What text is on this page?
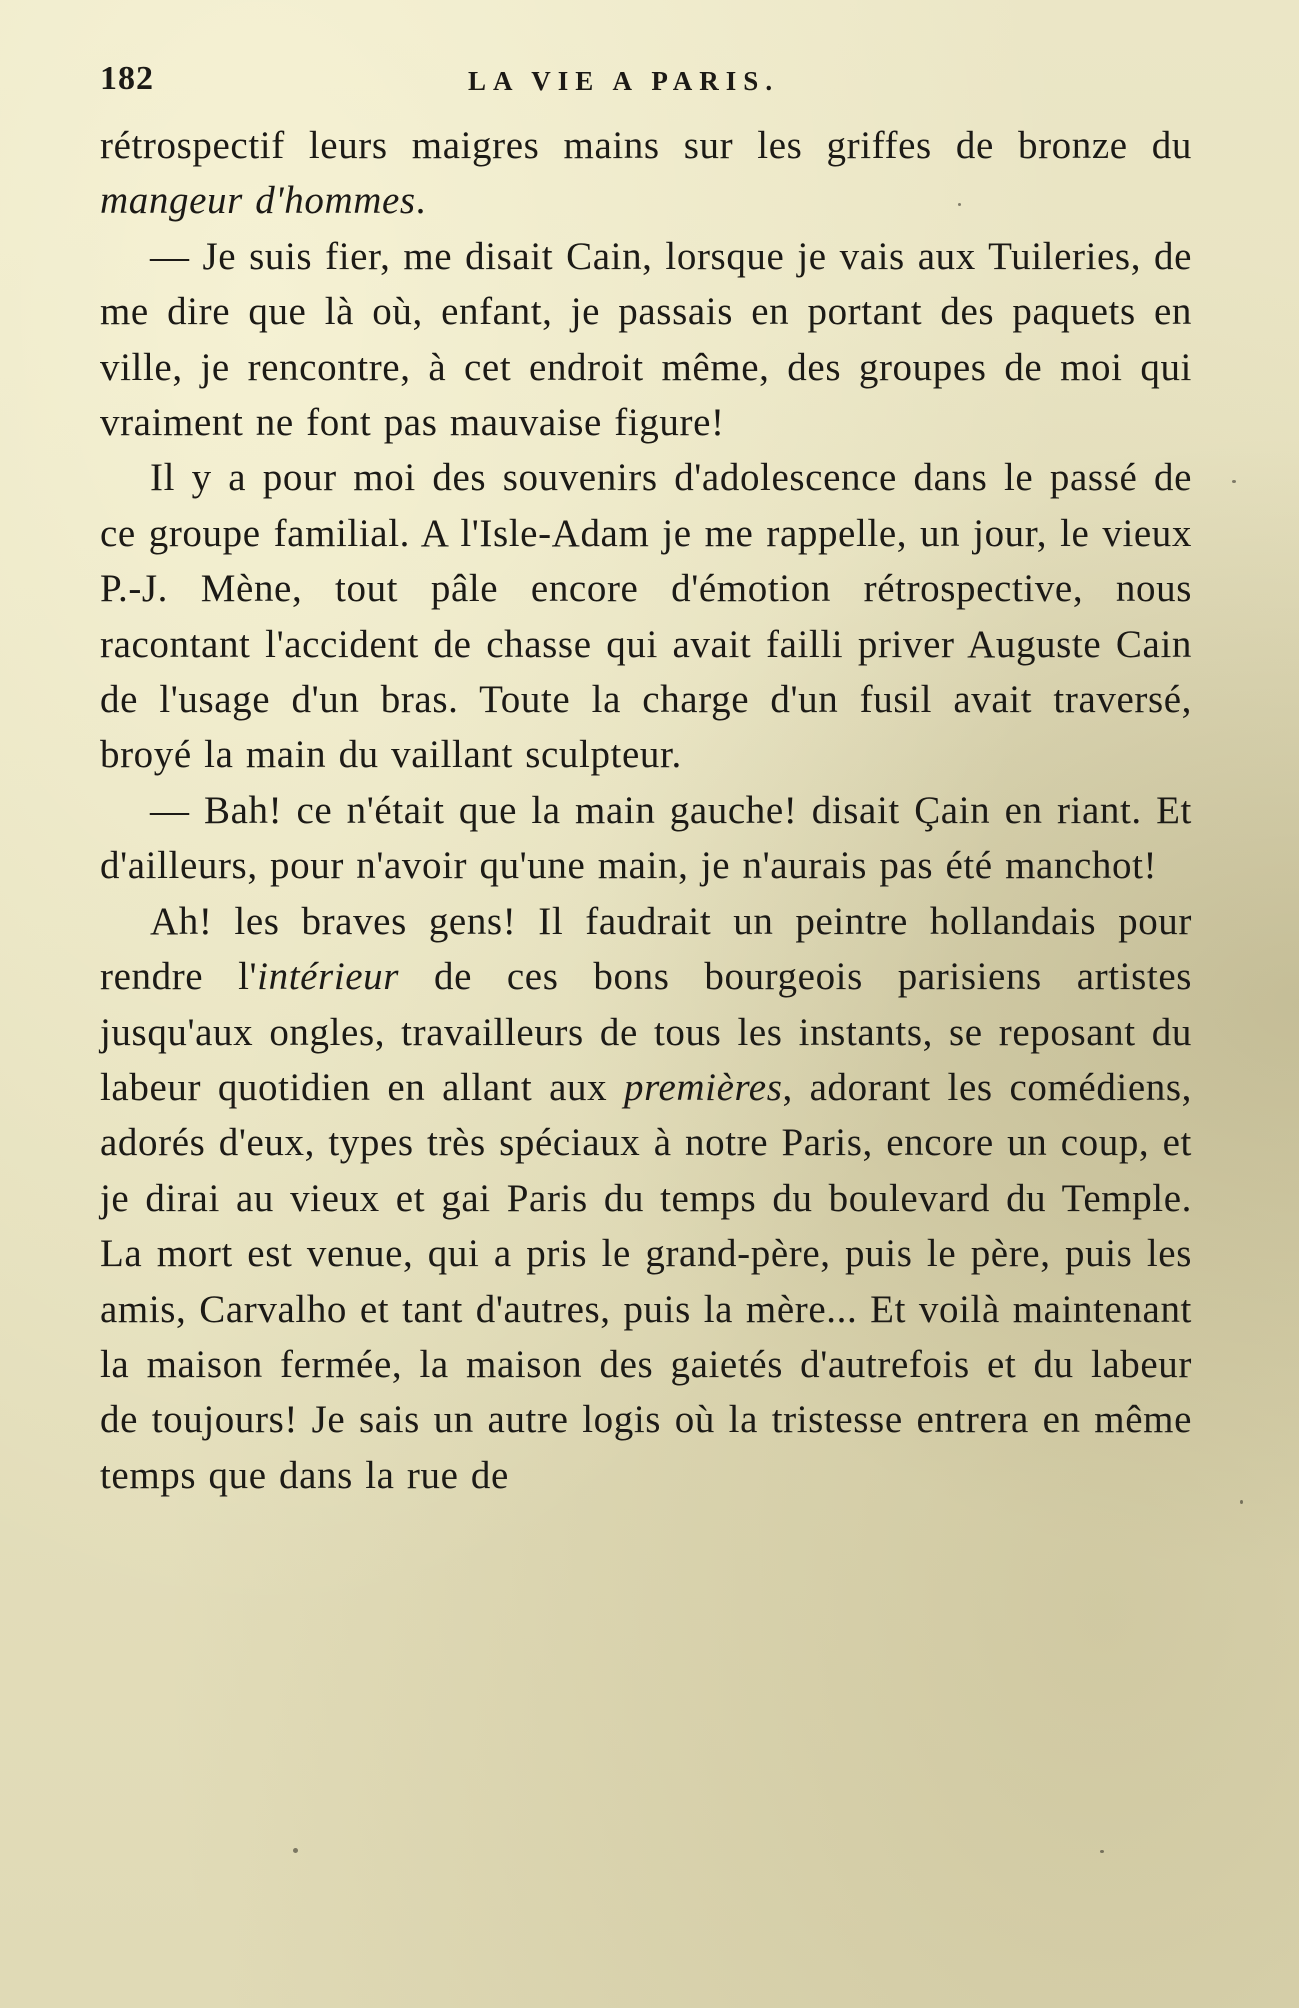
182	LA VIE A PARIS.

rétrospectif leurs maigres mains sur les griffes de bronze du mangeur d'hommes.

— Je suis fier, me disait Cain, lorsque je vais aux Tuileries, de me dire que là où, enfant, je passais en portant des paquets en ville, je rencontre, à cet endroit même, des groupes de moi qui vraiment ne font pas mauvaise figure!

Il y a pour moi des souvenirs d'adolescence dans le passé de ce groupe familial. A l'Isle-Adam je me rappelle, un jour, le vieux P.-J. Mène, tout pâle encore d'émotion rétrospective, nous racontant l'accident de chasse qui avait failli priver Auguste Cain de l'usage d'un bras. Toute la charge d'un fusil avait traversé, broyé la main du vaillant sculpteur.

— Bah! ce n'était que la main gauche! disait Çain en riant. Et d'ailleurs, pour n'avoir qu'une main, je n'aurais pas été manchot!

Ah! les braves gens! Il faudrait un peintre hollandais pour rendre l'intérieur de ces bons bourgeois parisiens artistes jusqu'aux ongles, travailleurs de tous les instants, se reposant du labeur quotidien en allant aux premières, adorant les comédiens, adorés d'eux, types très spéciaux à notre Paris, encore un coup, et je dirai au vieux et gai Paris du temps du boulevard du Temple. La mort est venue, qui a pris le grand-père, puis le père, puis les amis, Carvalho et tant d'autres, puis la mère... Et voilà maintenant la maison fermée, la maison des gaietés d'autrefois et du labeur de toujours! Je sais un autre logis où la tristesse entrera en même temps que dans la rue de
